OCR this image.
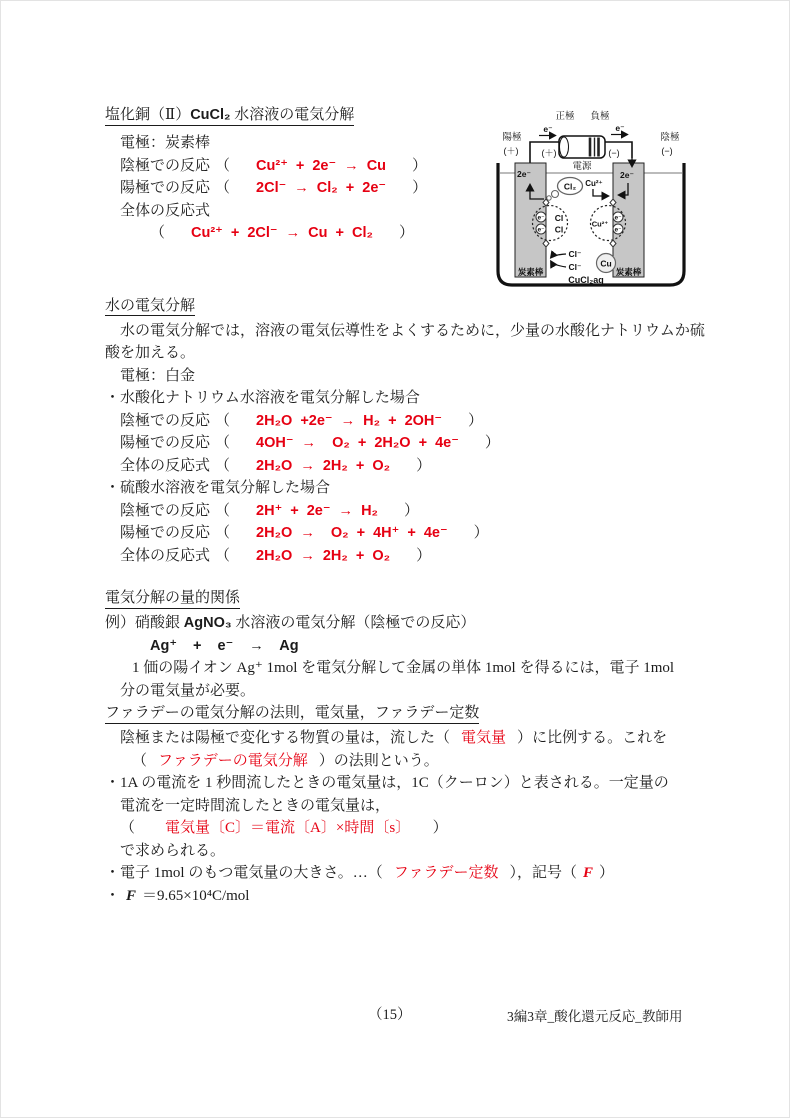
塩化銅（Ⅱ）CuCl₂ 水溶液の電気分解
電極：炭素棒
陰極での反応 （ Cu²⁺ + 2e⁻ → Cu ）
陽極での反応 （ 2Cl⁻ → Cl₂ + 2e⁻ ）
全体の反応式
（ Cu²⁺ + 2Cl⁻ → Cu + Cl₂ ）
水の電気分解
水の電気分解では，溶液の電気伝導性をよくするために，少量の水酸化ナトリウムか硫
酸を加える。
電極：白金
・水酸化ナトリウム水溶液を電気分解した場合
陰極での反応 （ 2H₂O +2e⁻ → H₂ + 2OH⁻ ）
陽極での反応 （ 4OH⁻ →  O₂ + 2H₂O + 4e⁻ ）
全体の反応式 （ 2H₂O → 2H₂ + O₂ ）
・硫酸水溶液を電気分解した場合
陰極での反応 （ 2H⁺ + 2e⁻ → H₂ ）
陽極での反応 （ 2H₂O →  O₂ + 4H⁺ + 4e⁻ ）
全体の反応式 （ 2H₂O → 2H₂ + O₂ ）
電気分解の量的関係
例）硝酸銀 AgNO₃ 水溶液の電気分解（陰極での反応）
Ag⁺ + e⁻ → Ag
1 価の陽イオン Ag⁺ 1mol を電気分解して金属の単体 1mol を得るには，電子 1mol
分の電気量が必要。
ファラデーの電気分解の法則，電気量，ファラデー定数
陰極または陽極で変化する物質の量は，流した（ 電気量 ）に比例する。これを
（ ファラデーの電気分解 ）の法則という。
・1A の電流を 1 秒間流したときの電気量は，1C（クーロン）と表される。一定量の
電流を一定時間流したときの電気量は，
（ 電気量〔C〕＝電流〔A〕×時間〔s〕 ）
で求められる。
・電子 1mol のもつ電気量の大きさ。…（ ファラデー定数 ），記号（ F ）
・ F ＝9.65×10⁴C/mol
e⁻	e⁻
正極 負極
電源
陽極
(＋)
陰極
(−)
(＋)	(−)
2e⁻	2e⁻
Cl₂ Cu²⁺
e⁻
e⁻
Cl
Cl
Cu²⁺
e⁻
e⁻
Cl⁻
Cl⁻ Cu
炭素棒	炭素棒
CuCl₂aq
（15）	3編3章_酸化還元反応_教師用
